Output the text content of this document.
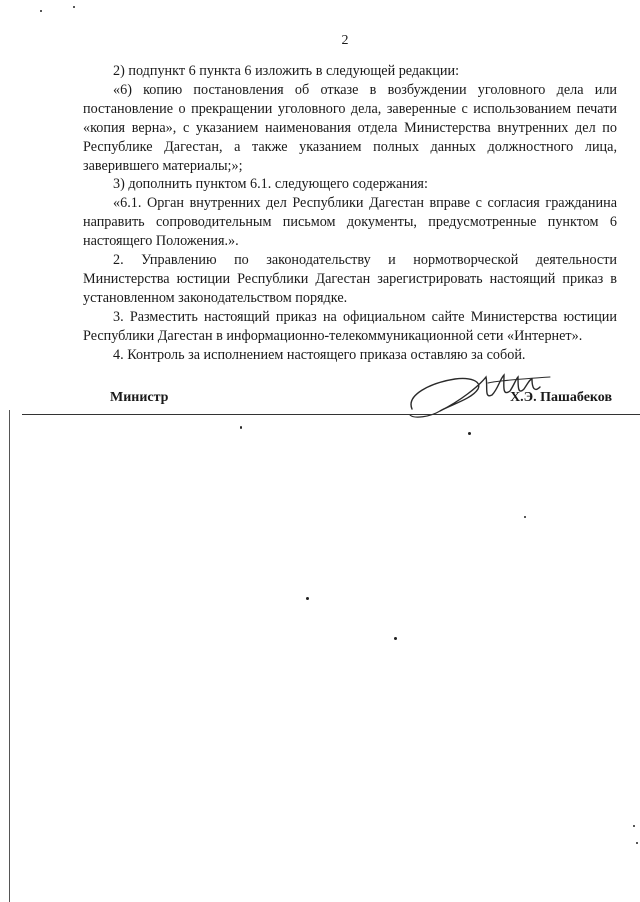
2

2) подпункт 6 пункта 6 изложить в следующей редакции:

«6) копию постановления об отказе в возбуждении уголовного дела или постановление о прекращении уголовного дела, заверенные с использованием печати «копия верна», с указанием наименования отдела Министерства внутренних дел по Республике Дагестан, а также указанием полных данных должностного лица, заверившего материалы;»;

3) дополнить пунктом 6.1. следующего содержания:

«6.1. Орган внутренних дел Республики Дагестан вправе с согласия гражданина направить сопроводительным письмом документы, предусмотренные пунктом 6 настоящего Положения.».

2. Управлению по законодательству и нормотворческой деятельности Министерства юстиции Республики Дагестан зарегистрировать настоящий приказ в установленном законодательством порядке.

3. Разместить настоящий приказ на официальном сайте Министерства юстиции Республики Дагестан в информационно-телекоммуникационной сети «Интернет».

4. Контроль за исполнением настоящего приказа оставляю за собой.

Министр	Х.Э. Пашабеков
